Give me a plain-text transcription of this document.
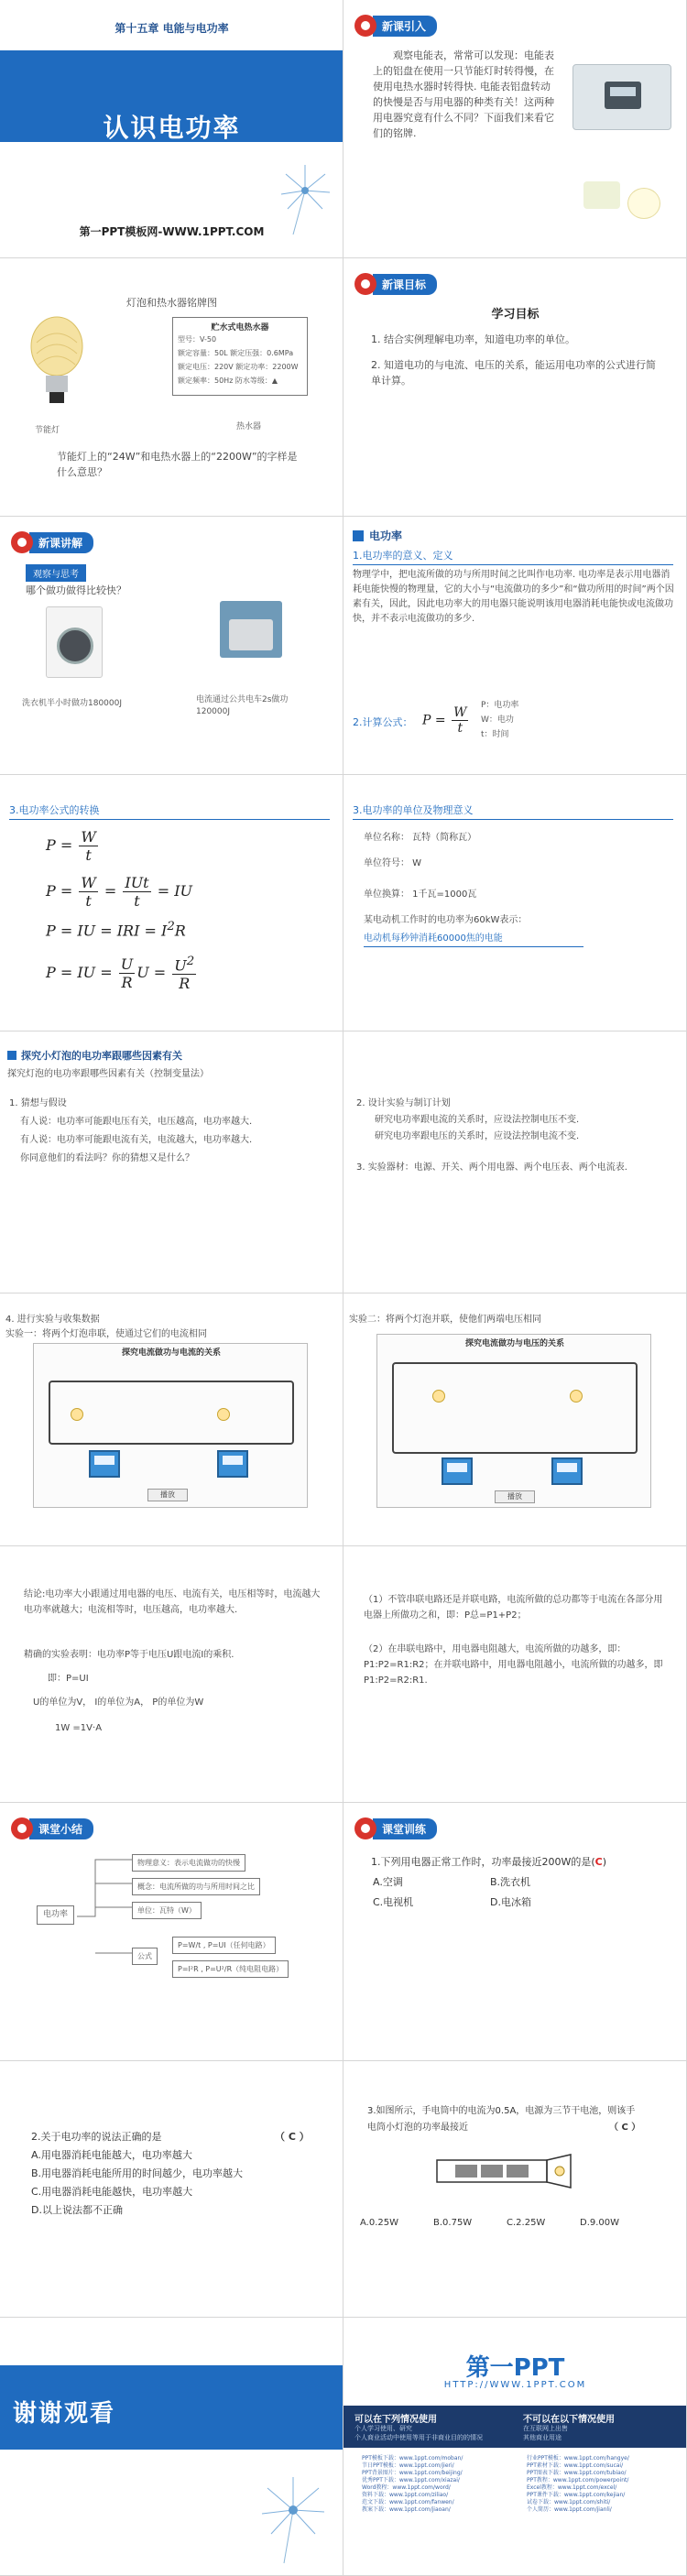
第十五章 电能与电功率
认识电功率
第一PPT模板网-WWW.1PPT.COM
新课引入
观察电能表，常常可以发现：电能表上的铝盘在使用一只节能灯时转得慢，在使用电热水器时转得快. 电能表铝盘转动的快慢是否与用电器的种类有关！这两种用电器究竟有什么不同？下面我们来看它们的铭牌.
灯泡和热水器铭牌图
贮水式电热水器
型号：V-50
额定容量：50L 额定压强：0.6MPa
额定电压：220V 额定功率：2200W
额定频率：50Hz 防水等级：▲
节能灯	热水器
节能灯上的“24W”和电热水器上的“2200W”的字样是什么意思？
新课目标
学习目标
1. 结合实例理解电功率，知道电功率的单位。
2. 知道电功的与电流、电压的关系，能运用电功率的公式进行简单计算。
新课讲解
观察与思考
哪个做功做得比较快？
洗衣机半小时做功180000J	电流通过公共电车2s做功120000J
电功率
1.电功率的意义、定义
物理学中，把电流所做的功与所用时间之比叫作电功率. 电功率是表示用电器消耗电能快慢的物理量，它的大小与“电流做功的多少”和“做功所用的时间”两个因素有关，因此，因此电功率大的用电器只能说明该用电器消耗电能快或电流做功快，并不表示电流做功的多少.
2.计算公式： $P = \frac{W}{t}$ P：电功率
W：电功
t：时间
3.电功率公式的转换
$P = \frac{W}{t}$
$P = \frac{W}{t} = \frac{\text{IUt}}{t}$ = IU
P = IU = IRI = $I^2R$
P = IU = $\frac{U}{R}$ $U = \frac{U^2}{R}$
3.电功率的单位及物理意义
单位名称： 瓦特（简称瓦）
单位符号： W
单位换算： 1千瓦=1000瓦
某电动机工作时的电功率为60kW表示：
电动机每秒钟消耗60000焦的电能
探究小灯泡的电功率跟哪些因素有关
探究灯泡的电功率跟哪些因素有关（控制变量法）
1. 猜想与假设
有人说：电功率可能跟电压有关，电压越高，电功率越大.
有人说：电功率可能跟电流有关，电流越大，电功率越大.
你同意他们的看法吗？你的猜想又是什么？
2. 设计实验与制订计划
研究电功率跟电流的关系时，应设法控制电压不变.
研究电功率跟电压的关系时，应设法控制电流不变.
3. 实验器材：电源、开关、两个用电器、两个电压表、两个电流表.
4. 进行实验与收集数据
实验一：将两个灯泡串联，使通过它们的电流相同
探究电流做功与电流的关系
播放
实验二：将两个灯泡并联，使他们两端电压相同
探究电流做功与电压的关系
播放
结论:电功率大小跟通过用电器的电压、电流有关，电压相等时，电流越大电功率就越大；电流相等时，电压越高，电功率越大.
精确的实验表明：电功率P等于电压U跟电流I的乘积.
即：P=UI
U的单位为V， I的单位为A， P的单位为W
1W =1V·A
（1）不管串联电路还是并联电路，电流所做的总功都等于电流在各部分用电器上所做功之和，即：P总=P1+P2；
（2）在串联电路中，用电器电阻越大，电流所做的功越多，即：P1:P2=R1:R2；在并联电路中，用电器电阻越小，电流所做的功越多，即P1:P2=R2:R1.
课堂小结
电功率
物理意义：表示电流做功的快慢
概念：电流所做的功与所用时间之比
单位：瓦特（W）
公式
P=W/t , P=UI（任何电路）
P=I²R , P=U²/R（纯电阻电路）
课堂训练
1.下列用电器正常工作时，功率最接近200W的是(C)
A.空调	B.洗衣机
C.电视机	D.电冰箱
2.关于电功率的说法正确的是	（ C ）
A.用电器消耗电能越大，电功率越大
B.用电器消耗电能所用的时间越少，电功率越大
C.用电器消耗电能越快，电功率越大
D.以上说法都不正确
3.如图所示，手电筒中的电流为0.5A，电源为三节干电池，则该手电筒小灯泡的功率最接近	（ C ）
A.0.25W	B.0.75W	C.2.25W	D.9.00W
谢谢观看
第一PPT
HTTP://WWW.1PPT.COM
可以在下列情况使用
个人学习使用、研究
个人商业活动中使用等用于非商业目的的情况
不可以在以下情况使用
在互联网上出售
其他商业用途
PPT模板下载：www.1ppt.com/moban/
节日PPT模板：www.1ppt.com/jieri/
PPT背景图片：www.1ppt.com/beijing/
优秀PPT下载：www.1ppt.com/xiazai/
Word教程：www.1ppt.com/word/
资料下载：www.1ppt.com/ziliao/
范文下载：www.1ppt.com/fanwen/
教案下载：www.1ppt.com/jiaoan/
行业PPT模板：www.1ppt.com/hangye/
PPT素材下载：www.1ppt.com/sucai/
PPT图表下载：www.1ppt.com/tubiao/
PPT教程：www.1ppt.com/powerpoint/
Excel教程：www.1ppt.com/excel/
PPT课件下载：www.1ppt.com/kejian/
试卷下载：www.1ppt.com/shiti/
个人简历：www.1ppt.com/jianli/
